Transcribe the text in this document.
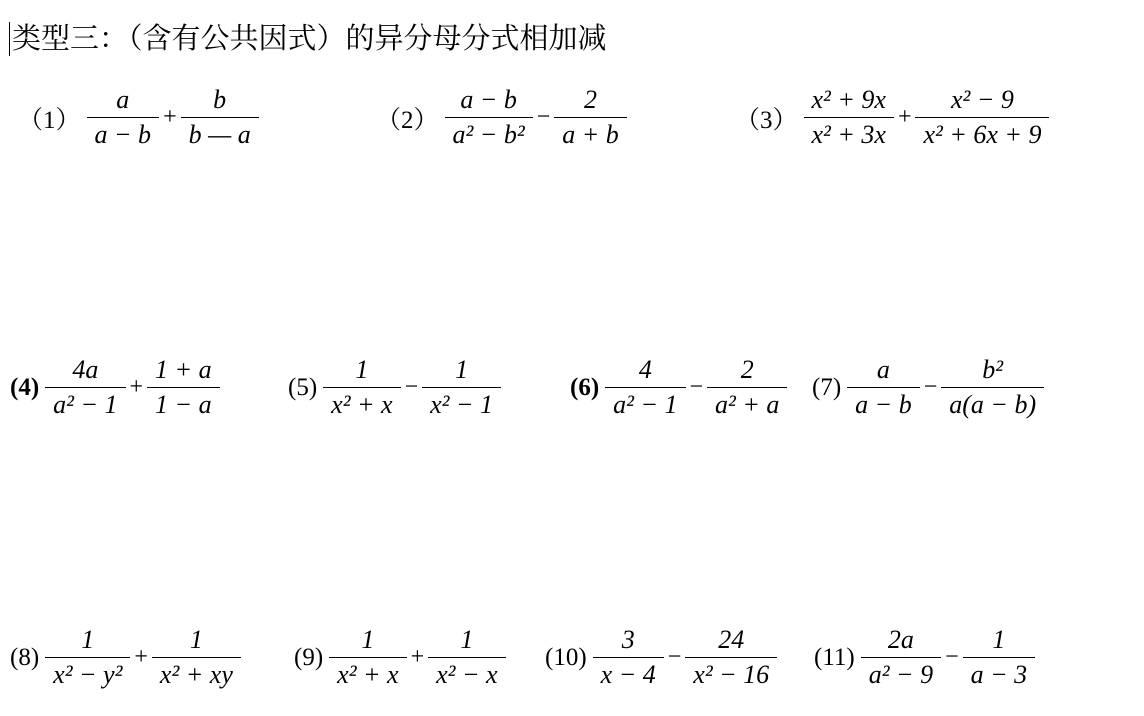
类型三：（含有公共因式）的异分母分式相加减
$(1) \frac{a}{a - b} + \frac{b}{b — a}$	$(2) \frac{a - b}{\text{a² − b²}} - \frac{2}{a + b}$	$(3) \frac{\text{x² + 9x}}{\text{x² + 3x}} + \frac{\text{x² − 9}}{\text{x² + 6x + 9}}$
$(4) \frac{4a}{\text{a² − 1}} + \frac{1 + a}{1 - a}$	$(5) \frac{1}{\text{x² + x}} - \frac{1}{\text{x² − 1}}$	$(6) \frac{4}{\text{a² − 1}} - \frac{2}{\text{a² + a}} (7) \frac{a}{a - b} - \frac{\text{b²}}{a(a - b)}$
$(8) \frac{1}{\text{x² − y²}} + \frac{1}{\text{x² + xy}} (9) \frac{1}{\text{x² + x}} + \frac{1}{\text{x² − x}} (10) \frac{3}{x - 4} - \frac{24}{\text{x² − 16}} (11) \frac{2a}{\text{a² − 9}} - \frac{1}{a - 3}$
